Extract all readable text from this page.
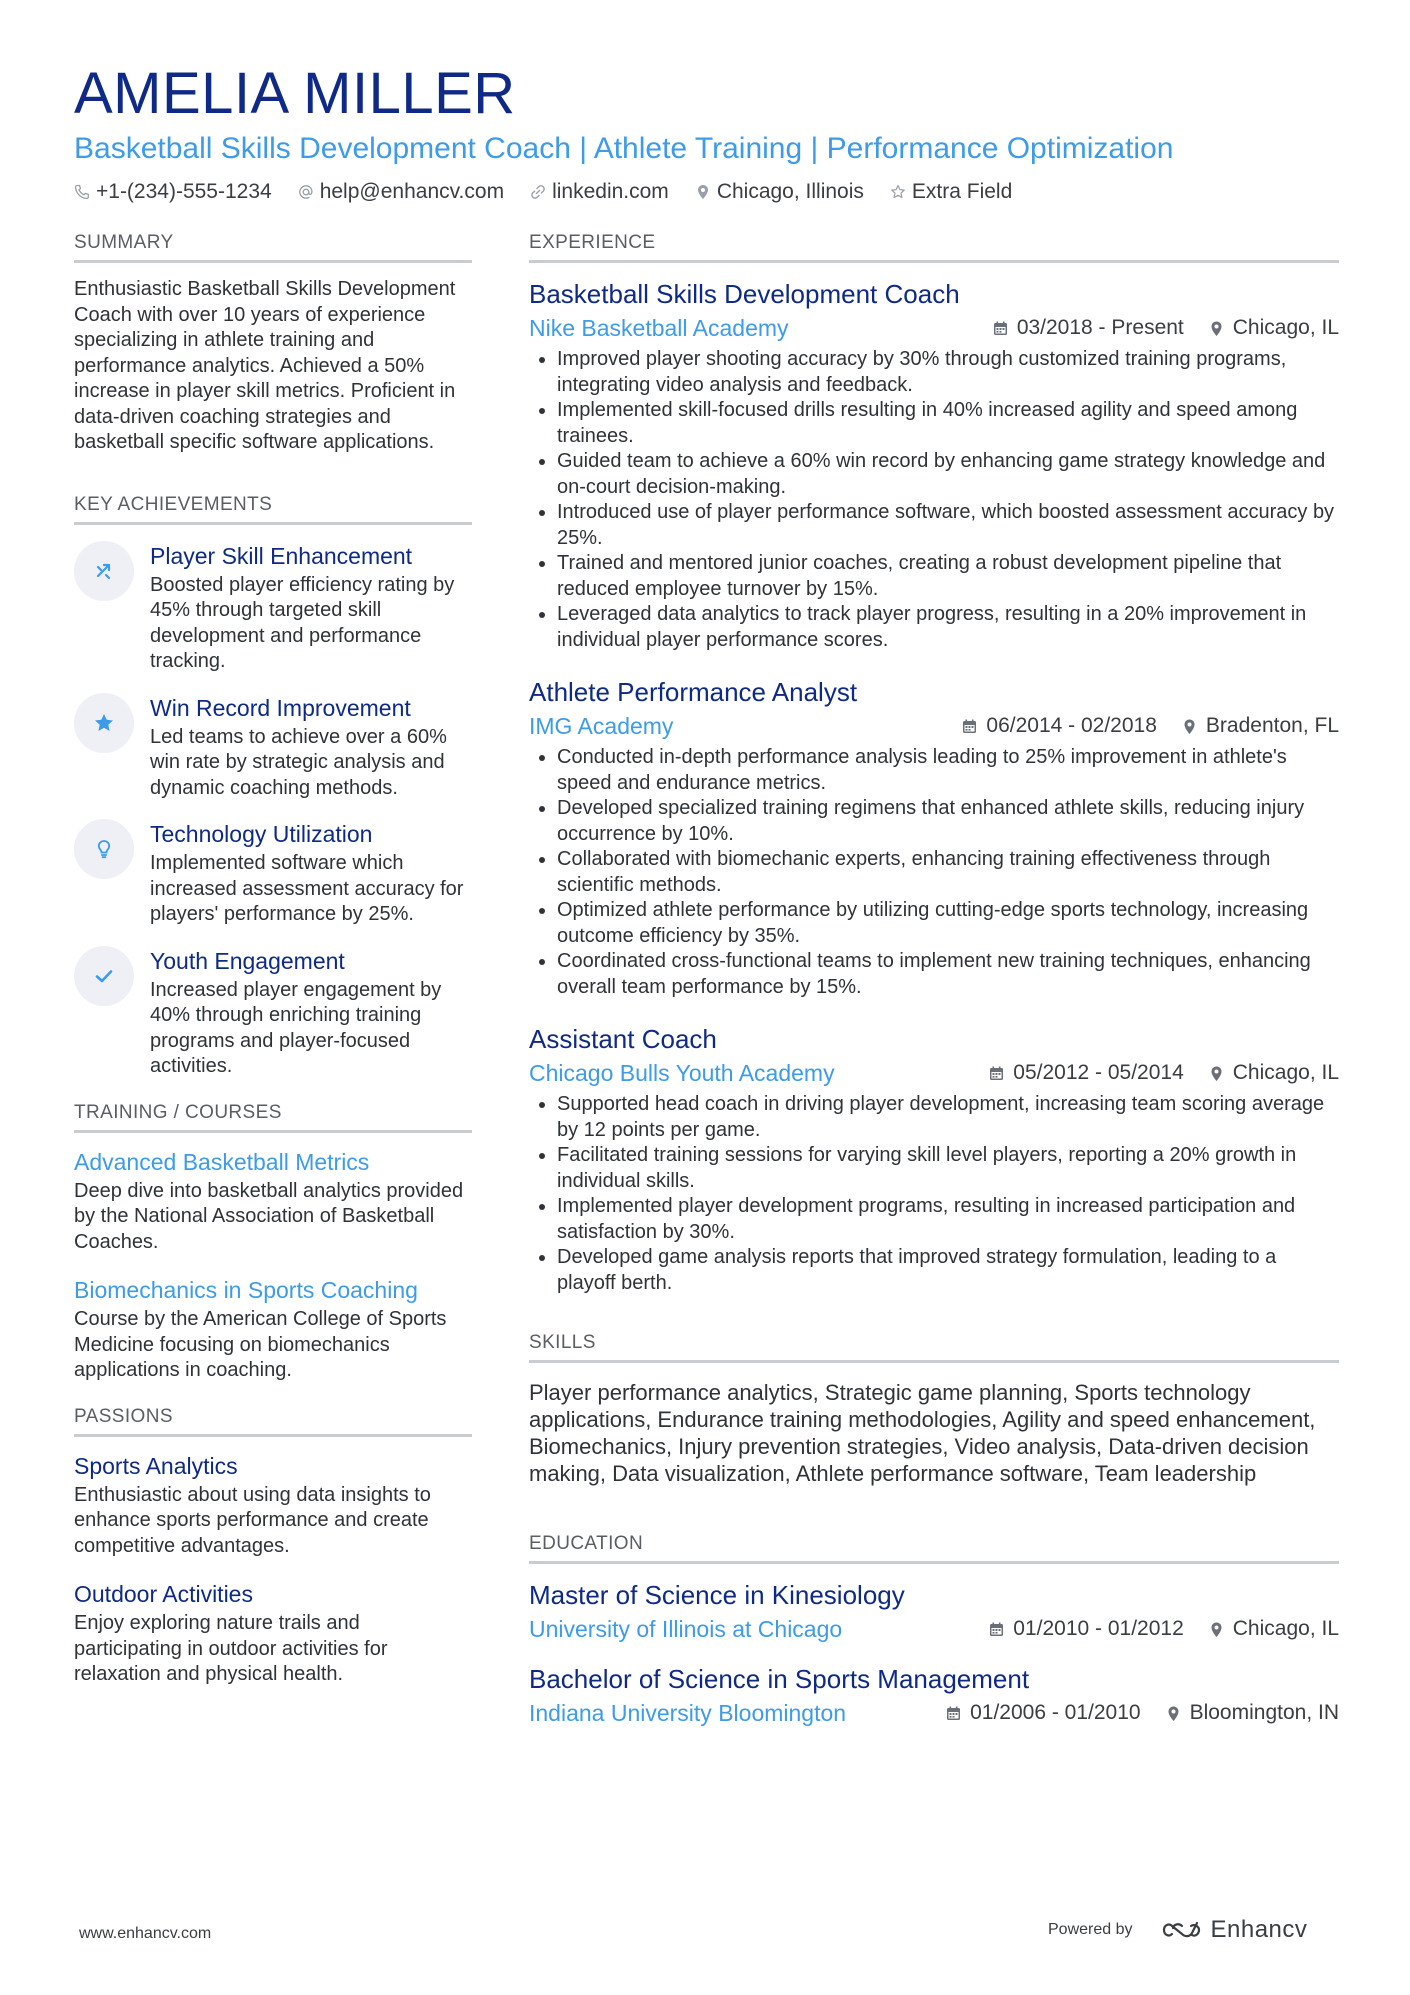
AMELIA MILLER
Basketball Skills Development Coach | Athlete Training | Performance Optimization
+1-(234)-555-1234 help@enhancv.com linkedin.com Chicago, Illinois Extra Field
SUMMARY
Enthusiastic Basketball Skills Development Coach with over 10 years of experience specializing in athlete training and performance analytics. Achieved a 50% increase in player skill metrics. Proficient in data-driven coaching strategies and basketball specific software applications.
KEY ACHIEVEMENTS
Player Skill Enhancement
Boosted player efficiency rating by 45% through targeted skill development and performance tracking.
Win Record Improvement
Led teams to achieve over a 60% win rate by strategic analysis and dynamic coaching methods.
Technology Utilization
Implemented software which increased assessment accuracy for players' performance by 25%.
Youth Engagement
Increased player engagement by 40% through enriching training programs and player-focused activities.
TRAINING / COURSES
Advanced Basketball Metrics
Deep dive into basketball analytics provided by the National Association of Basketball Coaches.
Biomechanics in Sports Coaching
Course by the American College of Sports Medicine focusing on biomechanics applications in coaching.
PASSIONS
Sports Analytics
Enthusiastic about using data insights to enhance sports performance and create competitive advantages.
Outdoor Activities
Enjoy exploring nature trails and participating in outdoor activities for relaxation and physical health.
EXPERIENCE
Basketball Skills Development Coach
Nike Basketball Academy	03/2018 - Present Chicago, IL
• Improved player shooting accuracy by 30% through customized training programs, integrating video analysis and feedback.
• Implemented skill-focused drills resulting in 40% increased agility and speed among trainees.
• Guided team to achieve a 60% win record by enhancing game strategy knowledge and on-court decision-making.
• Introduced use of player performance software, which boosted assessment accuracy by 25%.
• Trained and mentored junior coaches, creating a robust development pipeline that reduced employee turnover by 15%.
• Leveraged data analytics to track player progress, resulting in a 20% improvement in individual player performance scores.
Athlete Performance Analyst
IMG Academy	06/2014 - 02/2018 Bradenton, FL
• Conducted in-depth performance analysis leading to 25% improvement in athlete's speed and endurance metrics.
• Developed specialized training regimens that enhanced athlete skills, reducing injury occurrence by 10%.
• Collaborated with biomechanic experts, enhancing training effectiveness through scientific methods.
• Optimized athlete performance by utilizing cutting-edge sports technology, increasing outcome efficiency by 35%.
• Coordinated cross-functional teams to implement new training techniques, enhancing overall team performance by 15%.
Assistant Coach
Chicago Bulls Youth Academy	05/2012 - 05/2014 Chicago, IL
• Supported head coach in driving player development, increasing team scoring average by 12 points per game.
• Facilitated training sessions for varying skill level players, reporting a 20% growth in individual skills.
• Implemented player development programs, resulting in increased participation and satisfaction by 30%.
• Developed game analysis reports that improved strategy formulation, leading to a playoff berth.
SKILLS
Player performance analytics, Strategic game planning, Sports technology applications, Endurance training methodologies, Agility and speed enhancement, Biomechanics, Injury prevention strategies, Video analysis, Data-driven decision making, Data visualization, Athlete performance software, Team leadership
EDUCATION
Master of Science in Kinesiology
University of Illinois at Chicago	01/2010 - 01/2012 Chicago, IL
Bachelor of Science in Sports Management
Indiana University Bloomington	01/2006 - 01/2010 Bloomington, IN
www.enhancv.com	Powered by	Enhancv
